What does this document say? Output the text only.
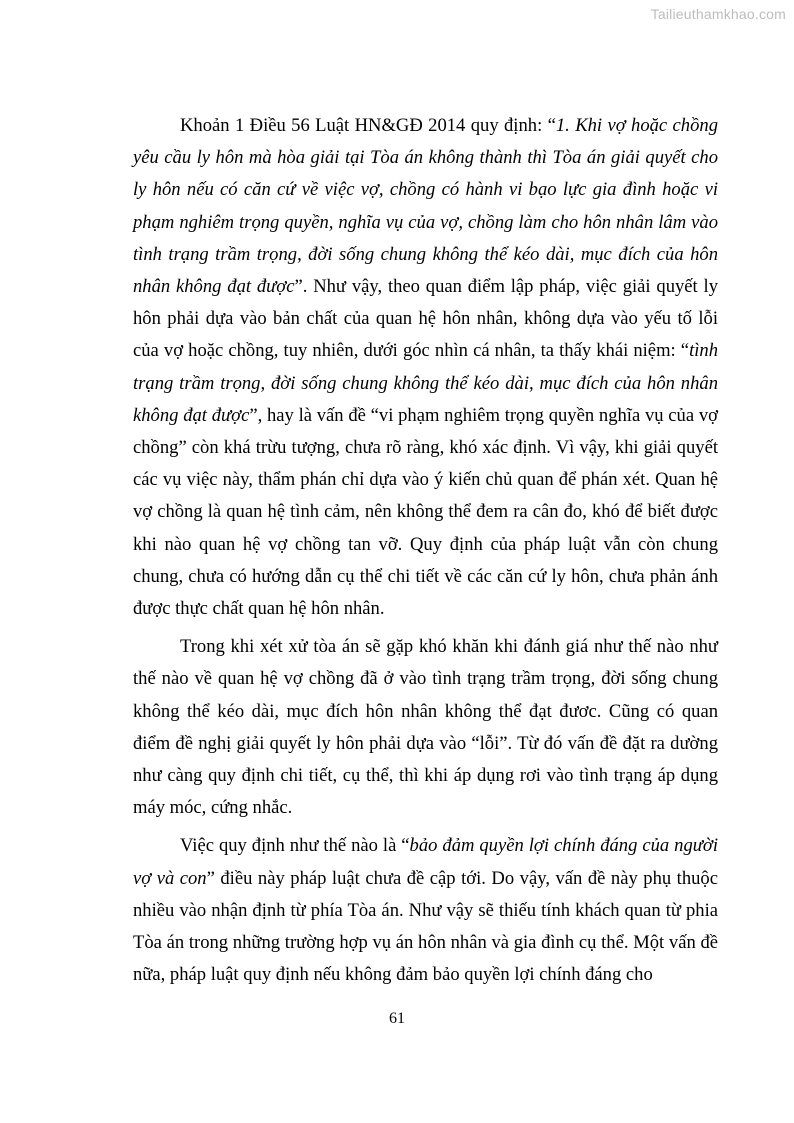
Tailieuthamkhao.com

Khoản 1 Điều 56 Luật HN&GĐ 2014 quy định: “1. Khi vợ hoặc chồng yêu cầu ly hôn mà hòa giải tại Tòa án không thành thì Tòa án giải quyết cho ly hôn nếu có căn cứ về việc vợ, chồng có hành vi bạo lực gia đình hoặc vi phạm nghiêm trọng quyền, nghĩa vụ của vợ, chồng làm cho hôn nhân lâm vào tình trạng trầm trọng, đời sống chung không thể kéo dài, mục đích của hôn nhân không đạt được”. Như vậy, theo quan điểm lập pháp, việc giải quyết ly hôn phải dựa vào bản chất của quan hệ hôn nhân, không dựa vào yếu tố lỗi của vợ hoặc chồng, tuy nhiên, dưới góc nhìn cá nhân, ta thấy khái niệm: “tình trạng trầm trọng, đời sống chung không thể kéo dài, mục đích của hôn nhân không đạt được”, hay là vấn đề “vi phạm nghiêm trọng quyền nghĩa vụ của vợ chồng” còn khá trừu tượng, chưa rõ ràng, khó xác định. Vì vậy, khi giải quyết các vụ việc này, thẩm phán chỉ dựa vào ý kiến chủ quan để phán xét. Quan hệ vợ chồng là quan hệ tình cảm, nên không thể đem ra cân đo, khó để biết được khi nào quan hệ vợ chồng tan vỡ. Quy định của pháp luật vẫn còn chung chung, chưa có hướng dẫn cụ thể chi tiết về các căn cứ ly hôn, chưa phản ánh được thực chất quan hệ hôn nhân.

Trong khi xét xử tòa án sẽ gặp khó khăn khi đánh giá như thế nào như thế nào về quan hệ vợ chồng đã ở vào tình trạng trầm trọng, đời sống chung không thể kéo dài, mục đích hôn nhân không thể đạt đươc. Cũng có quan điểm đề nghị giải quyết ly hôn phải dựa vào “lỗi”. Từ đó vấn đề đặt ra dường như càng quy định chi tiết, cụ thể, thì khi áp dụng rơi vào tình trạng áp dụng máy móc, cứng nhắc.

Việc quy định như thế nào là “bảo đảm quyền lợi chính đáng của người vợ và con” điều này pháp luật chưa đề cập tới. Do vậy, vấn đề này phụ thuộc nhiều vào nhận định từ phía Tòa án. Như vậy sẽ thiếu tính khách quan từ phia Tòa án trong những trường hợp vụ án hôn nhân và gia đình cụ thể. Một vấn đề nữa, pháp luật quy định nếu không đảm bảo quyền lợi chính đáng cho

61
